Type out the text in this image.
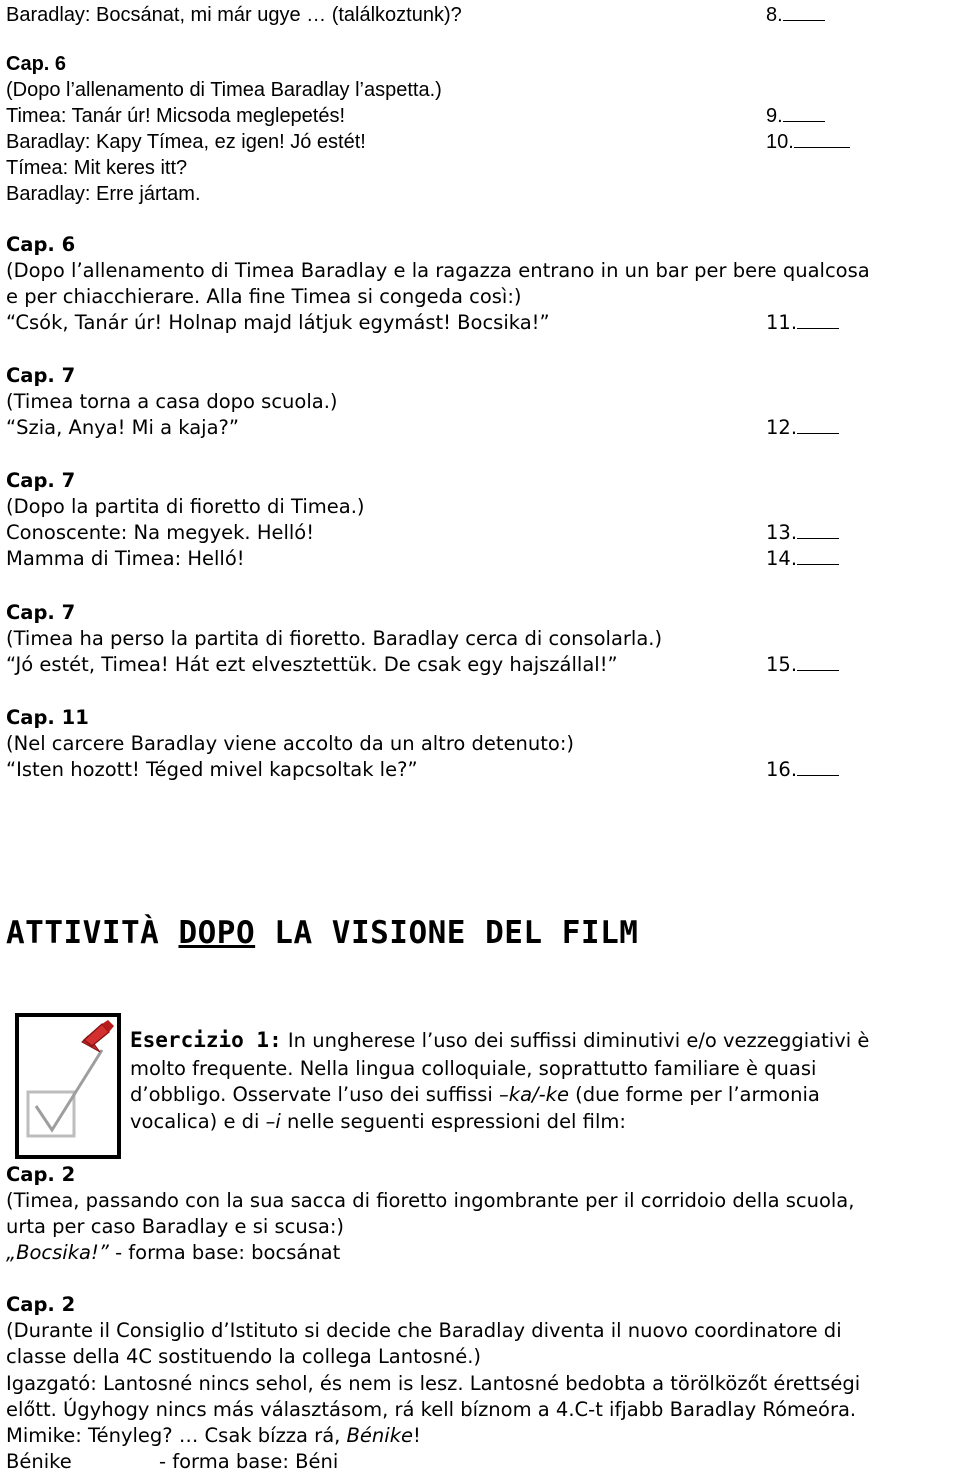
Baradlay: Bocsánat, mi már ugye … (találkoztunk)?	8.
Cap. 6
(Dopo l’allenamento di Timea Baradlay l’aspetta.)
Timea: Tanár úr! Micsoda meglepetés!	9.
Baradlay: Kapy Tímea, ez igen! Jó estét!	10.
Tímea: Mit keres itt?
Baradlay: Erre jártam.
Cap. 6
(Dopo l’allenamento di Timea Baradlay e la ragazza entrano in un bar per bere qualcosa
e per chiacchierare. Alla fine Timea si congeda così:)
“Csók, Tanár úr! Holnap majd látjuk egymást! Bocsika!”	11.
Cap. 7
(Timea torna a casa dopo scuola.)
“Szia, Anya! Mi a kaja?”	12.
Cap. 7
(Dopo la partita di fioretto di Timea.)
Conoscente: Na megyek. Helló!	13.
Mamma di Timea: Helló!	14.
Cap. 7
(Timea ha perso la partita di fioretto. Baradlay cerca di consolarla.)
“Jó estét, Timea! Hát ezt elvesztettük. De csak egy hajszállal!”	15.
Cap. 11
(Nel carcere Baradlay viene accolto da un altro detenuto:)
“Isten hozott! Téged mivel kapcsoltak le?”	16.
ATTIVITÀ DOPO LA VISIONE DEL FILM
Esercizio 1: In ungherese l’uso dei suffissi diminutivi e/o vezzeggiativi è
molto frequente. Nella lingua colloquiale, soprattutto familiare è quasi
d’obbligo. Osservate l’uso dei suffissi –ka/-ke (due forme per l’armonia
vocalica) e di –i nelle seguenti espressioni del film:
Cap. 2
(Timea, passando con la sua sacca di fioretto ingombrante per il corridoio della scuola,
urta per caso Baradlay e si scusa:)
„Bocsika!” - forma base: bocsánat
Cap. 2
(Durante il Consiglio d’Istituto si decide che Baradlay diventa il nuovo coordinatore di
classe della 4C sostituendo la collega Lantosné.)
Igazgató: Lantosné nincs sehol, és nem is lesz. Lantosné bedobta a törölközőt érettségi
előtt. Úgyhogy nincs más választásom, rá kell bíznom a 4.C-t ifjabb Baradlay Rómeóra.
Mimike: Tényleg? … Csak bízza rá, Bénike!
Bénike	- forma base: Béni
